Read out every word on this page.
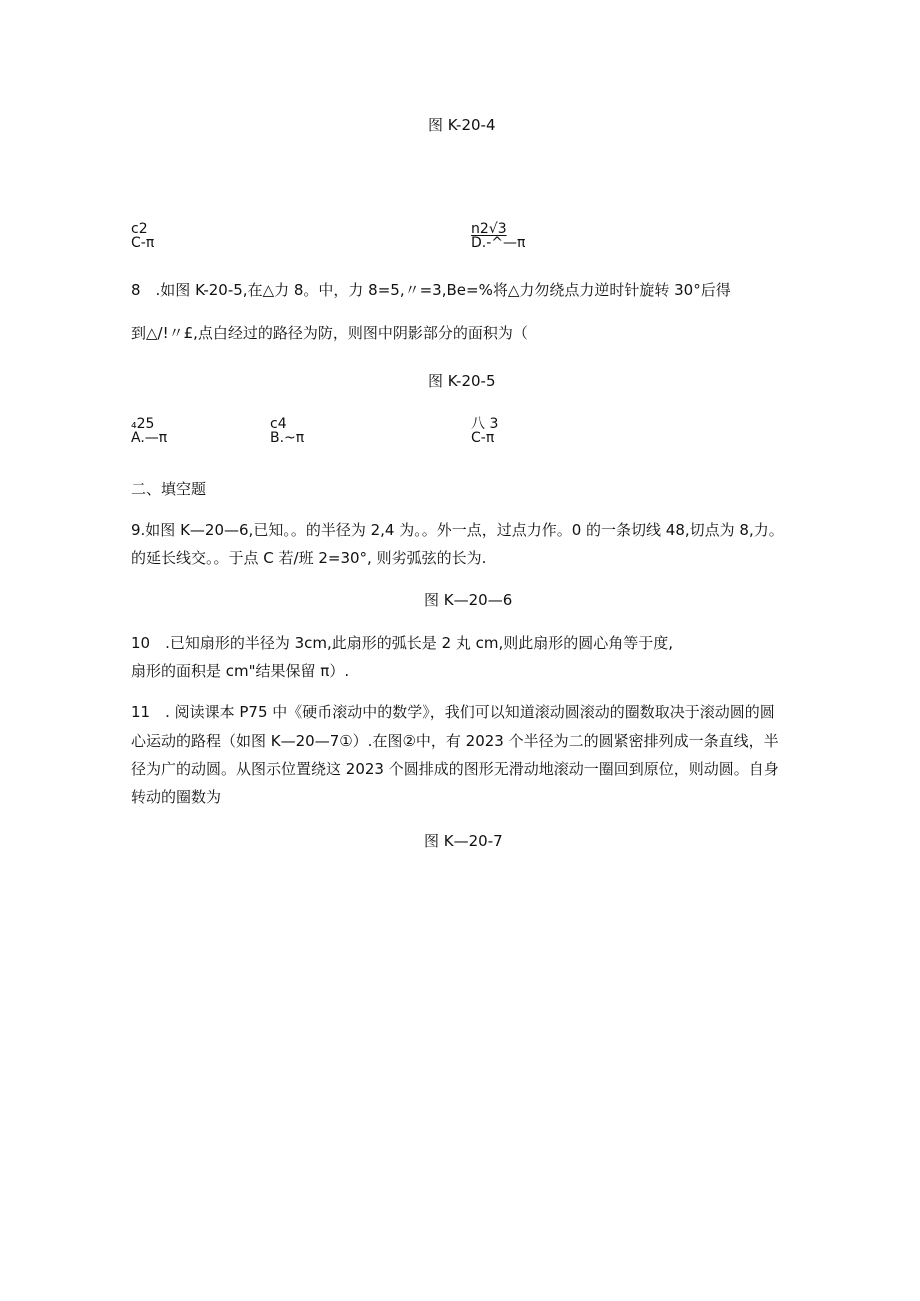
图 K-20-4
c2
C-π
n2√3
D.-^—π
8　.如图 K-20-5,在△力 8。中，力 8=5,〃=3,Be=%将△力勿绕点力逆时针旋转 30°后得
到△/!〃£,点白经过的路径为防，则图中阴影部分的面积为（
图 K-20-5
₄25
A.—π
c4
B.~π
八 3
C-π
二、填空题
9.如图 K—20—6,已知。。的半径为 2,4 为。。外一点，过点力作。0 的一条切线 48,切点为 8,力。
的延长线交。。于点 C 若/班 2=30°, 则劣弧弦的长为.
图 K—20—6
10　.已知扇形的半径为 3cm,此扇形的弧长是 2 丸 cm,则此扇形的圆心角等于度,
扇形的面积是 cm"结果保留 π）.
11　. 阅读课本 P75 中《硬币滚动中的数学》，我们可以知道滚动圆滚动的圈数取决于滚动圆的圆
心运动的路程（如图 K—20—7①）.在图②中，有 2023 个半径为二的圆紧密排列成一条直线，半
径为广的动圆。从图示位置绕这 2023 个圆排成的图形无滑动地滚动一圈回到原位，则动圆。自身
转动的圈数为
图 K—20-7
